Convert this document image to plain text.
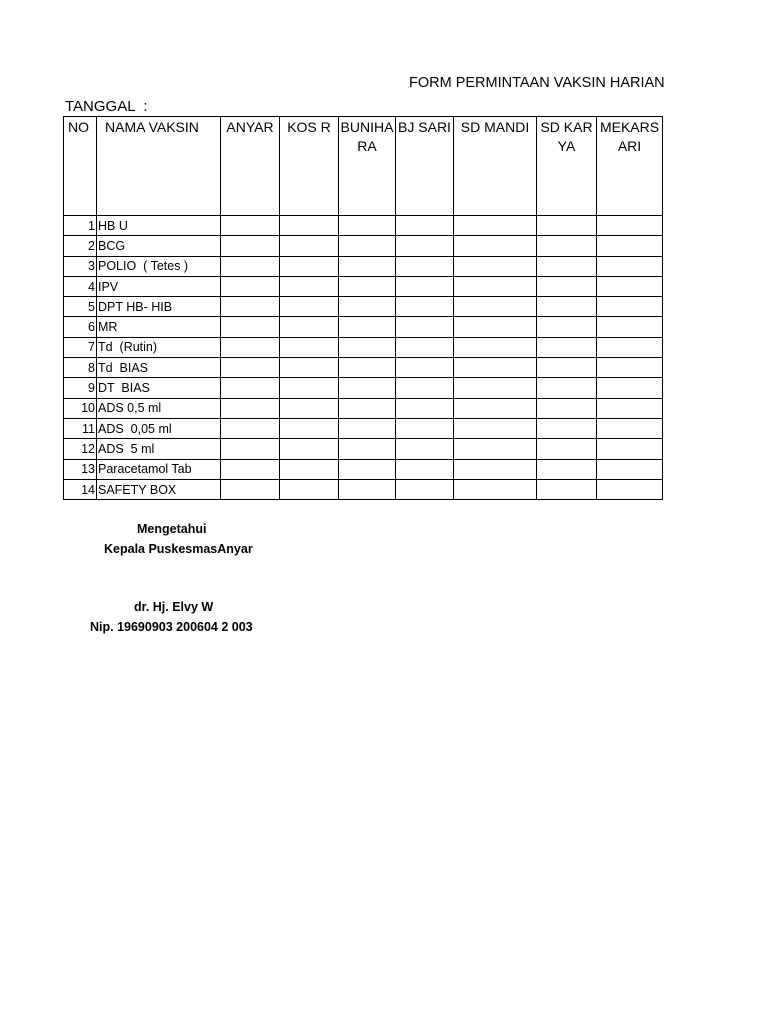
FORM PERMINTAAN VAKSIN HARIAN
TANGGAL  :
NO	NAMA VAKSIN	ANYAR	KOS R	BUNIHARA	BJ SARI	SD MANDI	SD KARYA	MEKARSARI
1	HB U							
2	BCG							
3	POLIO  ( Tetes )							
4	IPV							
5	DPT HB- HIB							
6	MR							
7	Td  (Rutin)							
8	Td  BIAS							
9	DT  BIAS							
10	ADS 0,5 ml							
11	ADS  0,05 ml							
12	ADS  5 ml							
13	Paracetamol Tab							
14	SAFETY BOX							
Mengetahui
Kepala PuskesmasAnyar
dr. Hj. Elvy W
Nip. 19690903 200604 2 003
